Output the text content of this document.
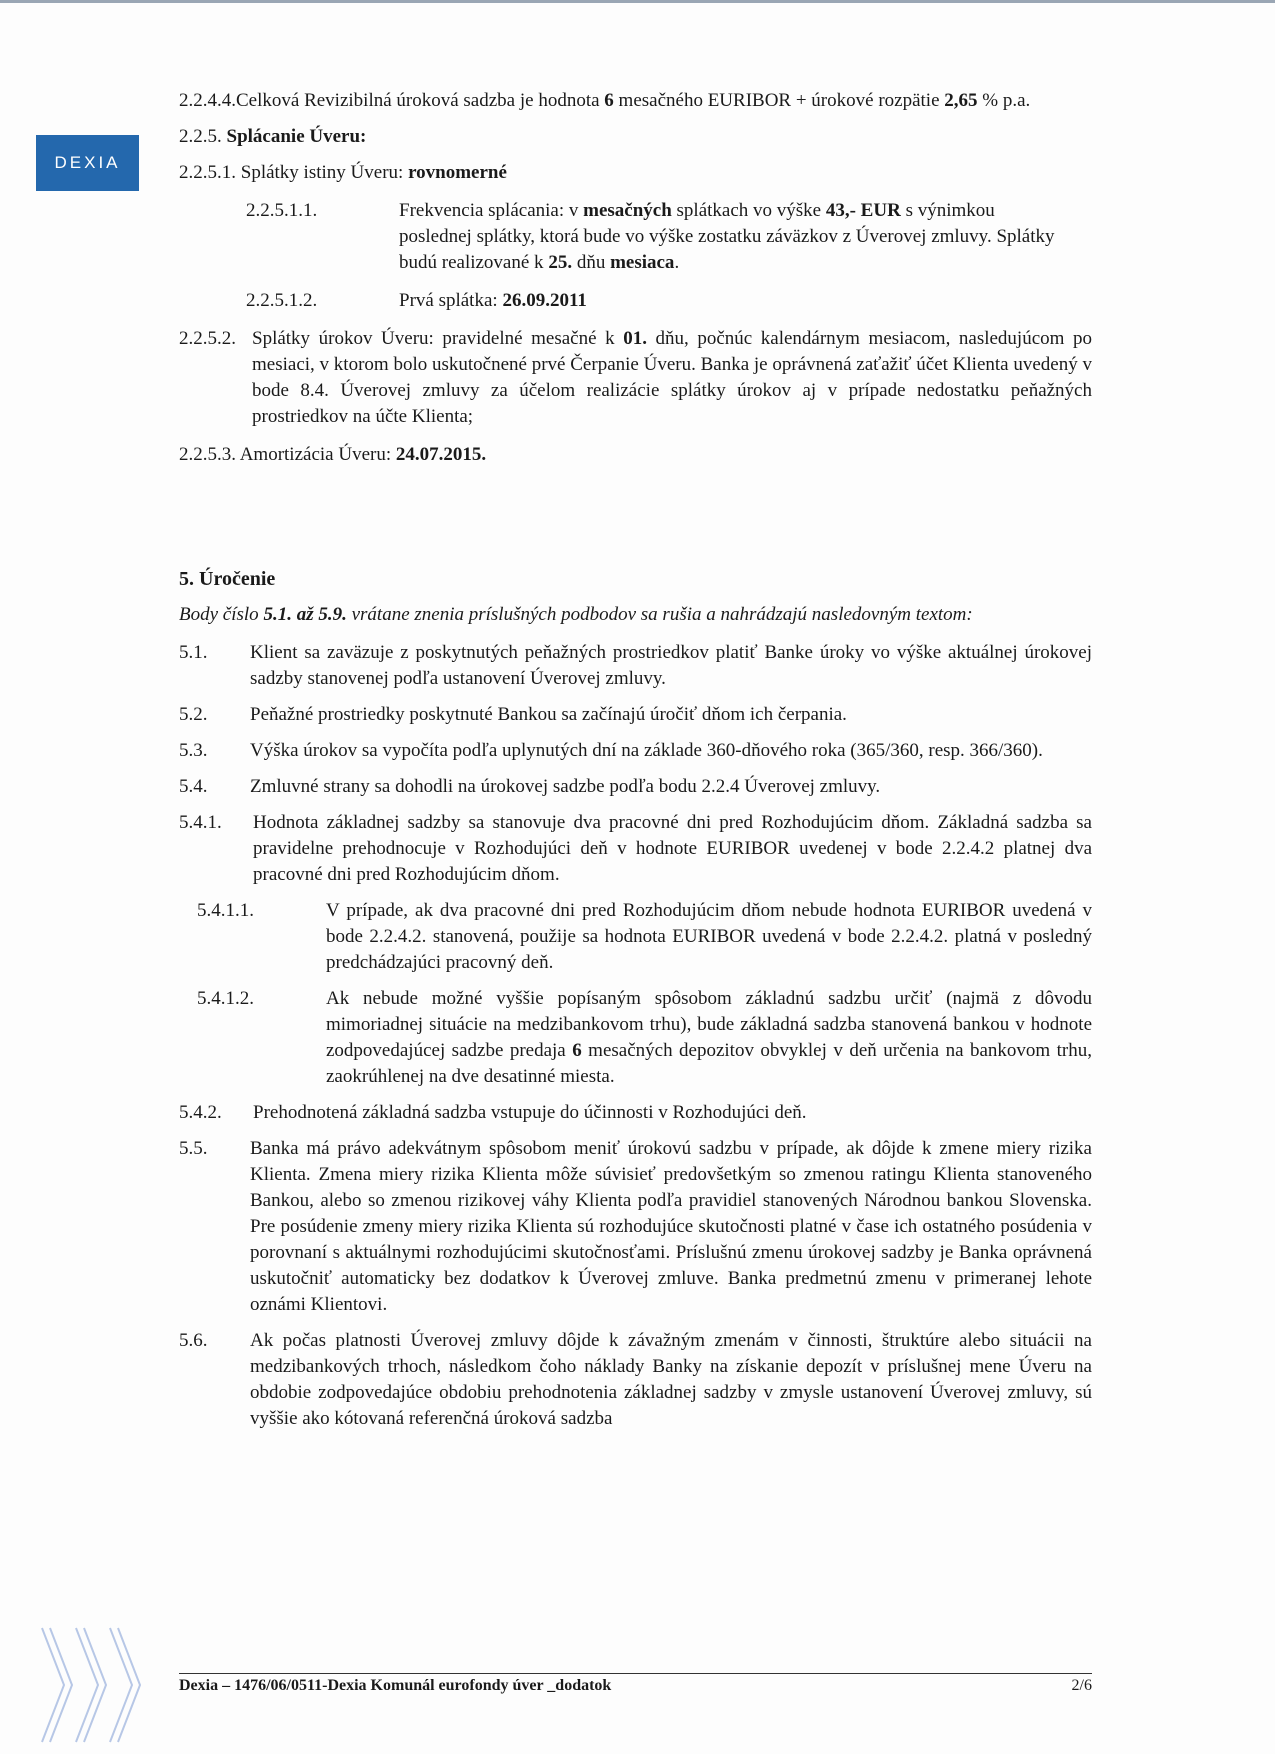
DEXIA
2.2.4.4.Celková Revizibilná úroková sadzba je hodnota 6 mesačného EURIBOR + úrokové rozpätie 2,65 % p.a.
2.2.5. Splácanie Úveru:
2.2.5.1. Splátky istiny Úveru: rovnomerné
2.2.5.1.1.	Frekvencia splácania: v mesačných splátkach vo výške 43,- EUR s výnimkou poslednej splátky, ktorá bude vo výške zostatku záväzkov z Úverovej zmluvy. Splátky budú realizované k 25. dňu mesiaca.
2.2.5.1.2.	Prvá splátka: 26.09.2011
2.2.5.2. Splátky úrokov Úveru: pravidelné mesačné k 01. dňu, počnúc kalendárnym mesiacom, nasledujúcom po mesiaci, v ktorom bolo uskutočnené prvé Čerpanie Úveru. Banka je oprávnená zaťažiť účet Klienta uvedený v bode 8.4. Úverovej zmluvy za účelom realizácie splátky úrokov aj v prípade nedostatku peňažných prostriedkov na účte Klienta;
2.2.5.3. Amortizácia Úveru: 24.07.2015.
5. Úročenie
Body číslo 5.1. až 5.9. vrátane znenia príslušných podbodov sa rušia a nahrádzajú nasledovným textom:
5.1. Klient sa zaväzuje z poskytnutých peňažných prostriedkov platiť Banke úroky vo výške aktuálnej úrokovej sadzby stanovenej podľa ustanovení Úverovej zmluvy.
5.2. Peňažné prostriedky poskytnuté Bankou sa začínajú úročiť dňom ich čerpania.
5.3. Výška úrokov sa vypočíta podľa uplynutých dní na základe 360-dňového roka (365/360, resp. 366/360).
5.4. Zmluvné strany sa dohodli na úrokovej sadzbe podľa bodu 2.2.4 Úverovej zmluvy.
5.4.1. Hodnota základnej sadzby sa stanovuje dva pracovné dni pred Rozhodujúcim dňom. Základná sadzba sa pravidelne prehodnocuje v Rozhodujúci deň v hodnote EURIBOR uvedenej v bode 2.2.4.2 platnej dva pracovné dni pred Rozhodujúcim dňom.
5.4.1.1.	V prípade, ak dva pracovné dni pred Rozhodujúcim dňom nebude hodnota EURIBOR uvedená v bode 2.2.4.2. stanovená, použije sa hodnota EURIBOR uvedená v bode 2.2.4.2. platná v posledný predchádzajúci pracovný deň.
5.4.1.2.	Ak nebude možné vyššie popísaným spôsobom základnú sadzbu určiť (najmä z dôvodu mimoriadnej situácie na medzibankovom trhu), bude základná sadzba stanovená bankou v hodnote zodpovedajúcej sadzbe predaja 6 mesačných depozitov obvyklej v deň určenia na bankovom trhu, zaokrúhlenej na dve desatinné miesta.
5.4.2. Prehodnotená základná sadzba vstupuje do účinnosti v Rozhodujúci deň.
5.5. Banka má právo adekvátnym spôsobom meniť úrokovú sadzbu v prípade, ak dôjde k zmene miery rizika Klienta. Zmena miery rizika Klienta môže súvisieť predovšetkým so zmenou ratingu Klienta stanoveného Bankou, alebo so zmenou rizikovej váhy Klienta podľa pravidiel stanovených Národnou bankou Slovenska. Pre posúdenie zmeny miery rizika Klienta sú rozhodujúce skutočnosti platné v čase ich ostatného posúdenia v porovnaní s aktuálnymi rozhodujúcimi skutočnosťami. Príslušnú zmenu úrokovej sadzby je Banka oprávnená uskutočniť automaticky bez dodatkov k Úverovej zmluve. Banka predmetnú zmenu v primeranej lehote oznámi Klientovi.
5.6. Ak počas platnosti Úverovej zmluvy dôjde k závažným zmenám v činnosti, štruktúre alebo situácii na medzibankových trhoch, následkom čoho náklady Banky na získanie depozít v príslušnej mene Úveru na obdobie zodpovedajúce obdobiu prehodnotenia základnej sadzby v zmysle ustanovení Úverovej zmluvy, sú vyššie ako kótovaná referenčná úroková sadzba
Dexia – 1476/06/0511-Dexia Komunál eurofondy úver _dodatok	2/6
